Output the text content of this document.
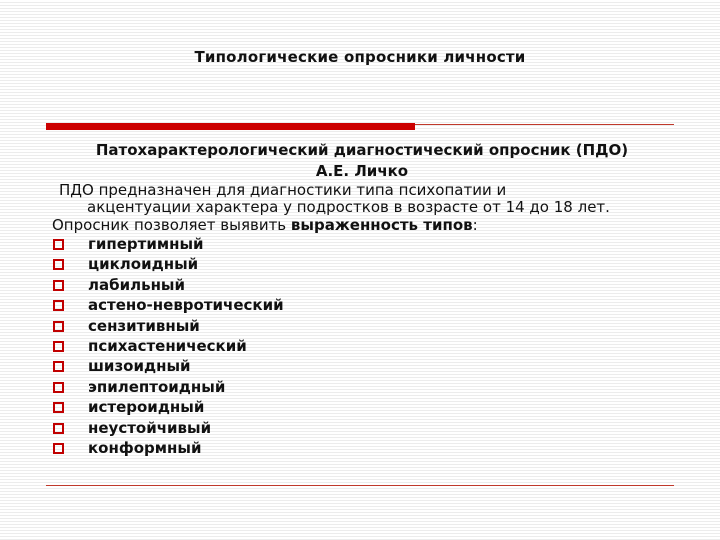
Типологические опросники личности
Патохарактерологический диагностический опросник (ПДО)
А.Е. Личко
ПДО предназначен для диагностики типа психопатии и
акцентуации характера у подростков в возрасте от 14 до 18 лет.
Опросник позволяет выявить выраженность типов:
гипертимный
циклоидный
лабильный
астено-невротический
сензитивный
психастенический
шизоидный
эпилептоидный
истероидный
неустойчивый
конформный
